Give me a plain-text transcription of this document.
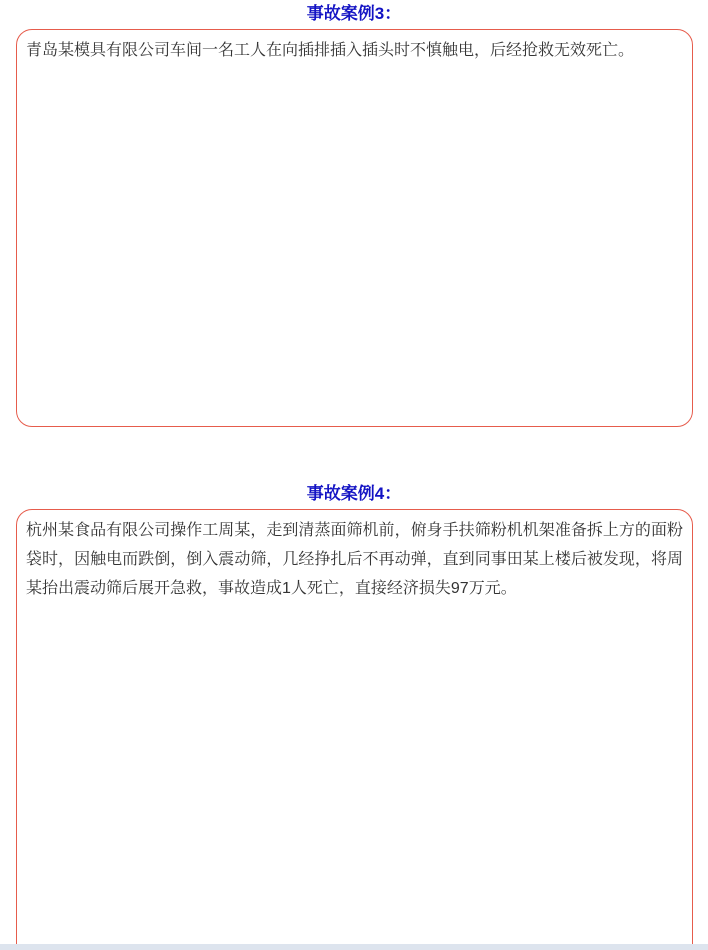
事故案例3：

青岛某模具有限公司车间一名工人在向插排插入插头时不慎触电，后经抢救无效死亡。

事故案例4：

杭州某食品有限公司操作工周某，走到清蒸面筛机前，俯身手扶筛粉机机架准备拆上方的面粉袋时，因触电而跌倒，倒入震动筛，几经挣扎后不再动弹，直到同事田某上楼后被发现，将周某抬出震动筛后展开急救，事故造成1人死亡，直接经济损失97万元。
